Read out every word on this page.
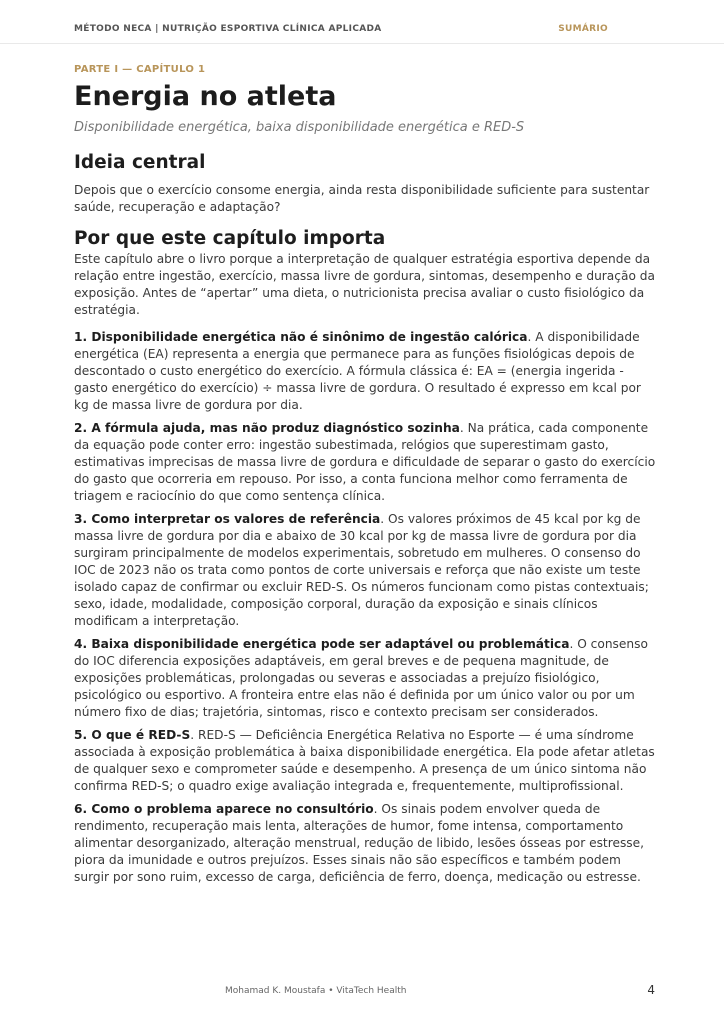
MÉTODO NECA | NUTRIÇÃO ESPORTIVA CLÍNICA APLICADA	SUMÁRIO

PARTE I — CAPÍTULO 1

Energia no atleta

Disponibilidade energética, baixa disponibilidade energética e RED-S

Ideia central

Depois que o exercício consome energia, ainda resta disponibilidade suficiente para sustentar saúde, recuperação e adaptação?

Por que este capítulo importa

Este capítulo abre o livro porque a interpretação de qualquer estratégia esportiva depende da relação entre ingestão, exercício, massa livre de gordura, sintomas, desempenho e duração da exposição. Antes de “apertar” uma dieta, o nutricionista precisa avaliar o custo fisiológico da estratégia.

1. Disponibilidade energética não é sinônimo de ingestão calórica. A disponibilidade energética (EA) representa a energia que permanece para as funções fisiológicas depois de descontado o custo energético do exercício. A fórmula clássica é: EA = (energia ingerida - gasto energético do exercício) ÷ massa livre de gordura. O resultado é expresso em kcal por kg de massa livre de gordura por dia.

2. A fórmula ajuda, mas não produz diagnóstico sozinha. Na prática, cada componente da equação pode conter erro: ingestão subestimada, relógios que superestimam gasto, estimativas imprecisas de massa livre de gordura e dificuldade de separar o gasto do exercício do gasto que ocorreria em repouso. Por isso, a conta funciona melhor como ferramenta de triagem e raciocínio do que como sentença clínica.

3. Como interpretar os valores de referência. Os valores próximos de 45 kcal por kg de massa livre de gordura por dia e abaixo de 30 kcal por kg de massa livre de gordura por dia surgiram principalmente de modelos experimentais, sobretudo em mulheres. O consenso do IOC de 2023 não os trata como pontos de corte universais e reforça que não existe um teste isolado capaz de confirmar ou excluir RED-S. Os números funcionam como pistas contextuais; sexo, idade, modalidade, composição corporal, duração da exposição e sinais clínicos modificam a interpretação.

4. Baixa disponibilidade energética pode ser adaptável ou problemática. O consenso do IOC diferencia exposições adaptáveis, em geral breves e de pequena magnitude, de exposições problemáticas, prolongadas ou severas e associadas a prejuízo fisiológico, psicológico ou esportivo. A fronteira entre elas não é definida por um único valor ou por um número fixo de dias; trajetória, sintomas, risco e contexto precisam ser considerados.

5. O que é RED-S. RED-S — Deficiência Energética Relativa no Esporte — é uma síndrome associada à exposição problemática à baixa disponibilidade energética. Ela pode afetar atletas de qualquer sexo e comprometer saúde e desempenho. A presença de um único sintoma não confirma RED-S; o quadro exige avaliação integrada e, frequentemente, multiprofissional.

6. Como o problema aparece no consultório. Os sinais podem envolver queda de rendimento, recuperação mais lenta, alterações de humor, fome intensa, comportamento alimentar desorganizado, alteração menstrual, redução de libido, lesões ósseas por estresse, piora da imunidade e outros prejuízos. Esses sinais não são específicos e também podem surgir por sono ruim, excesso de carga, deficiência de ferro, doença, medicação ou estresse.

Mohamad K. Moustafa • VitaTech Health	4
